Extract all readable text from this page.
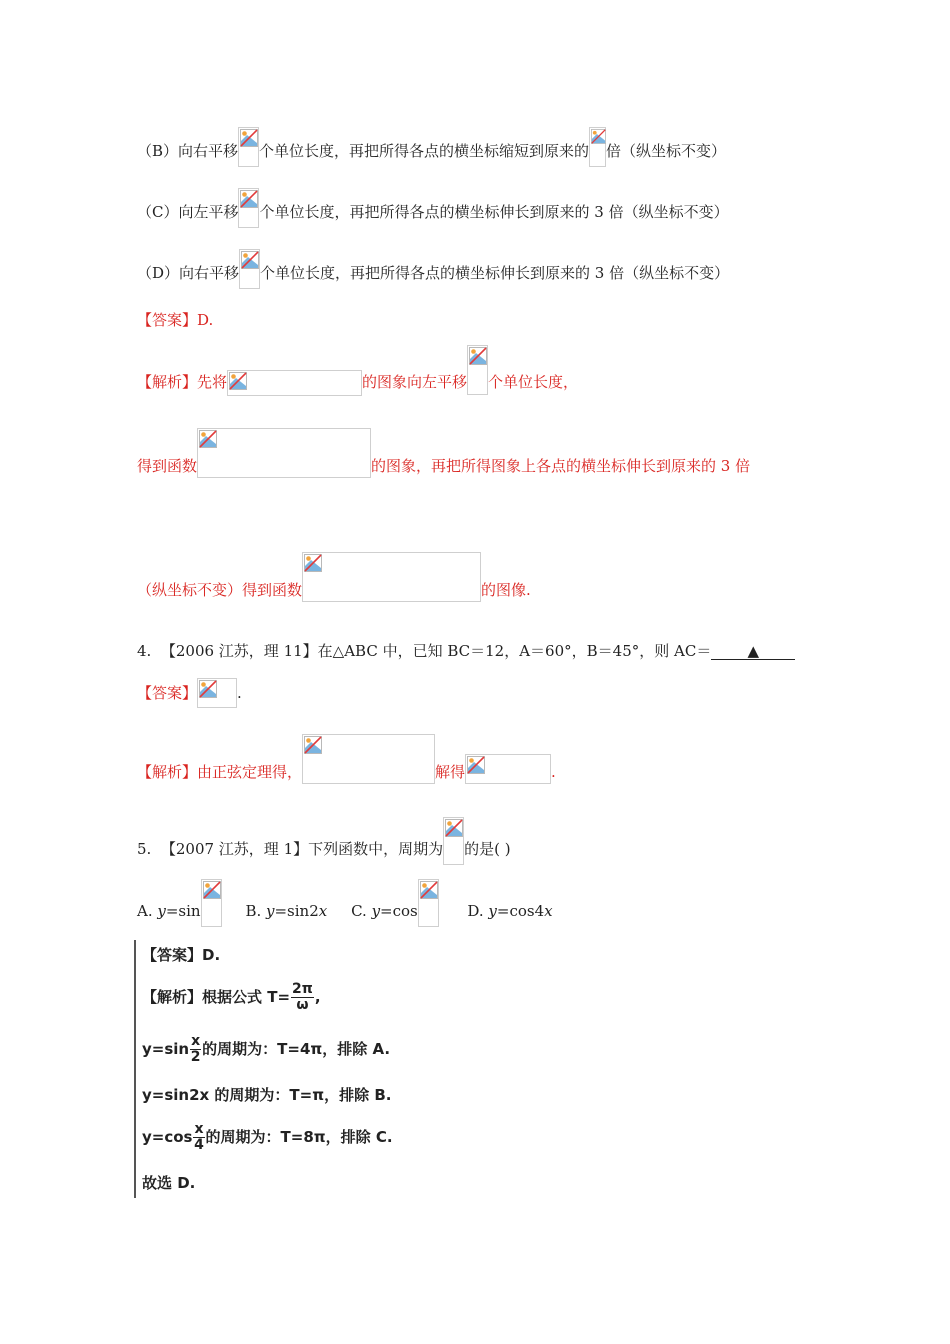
（B）向右平移 个单位长度，再把所得各点的横坐标缩短到原来的 倍（纵坐标不变）
（C）向左平移 个单位长度，再把所得各点的横坐标伸长到原来的 3 倍（纵坐标不变）
（D）向右平移 个单位长度，再把所得各点的横坐标伸长到原来的 3 倍（纵坐标不变）
【答案】D.
【解析】先将	的图象向左平移 个单位长度，
得到函数	的图象，再把所得图象上各点的横坐标伸长到原来的 3 倍
（纵坐标不变）得到函数	的图像.
4. 【2006 江苏，理 11】在△ABC 中，已知 BC＝12，A＝60°，B＝45°，则 AC＝ ▲
【答案】	.
【解析】由正弦定理得，	解得	.
5. 【2007 江苏，理 1】下列函数中，周期为 的是( )
A. y=sin	B. y=sin2x C. y=cos	D. y=cos4x
【答案】D.
【解析】根据公式 $T= \frac{2\pi}{\omega}$ ,
$y=\sin \frac{x}{2}$ 的周期为：T=4π，排除 A.
y=sin2x 的周期为：T=π，排除 B.
$y=\cos \frac{x}{4}$ 的周期为：T=8π，排除 C.
故选 D.
